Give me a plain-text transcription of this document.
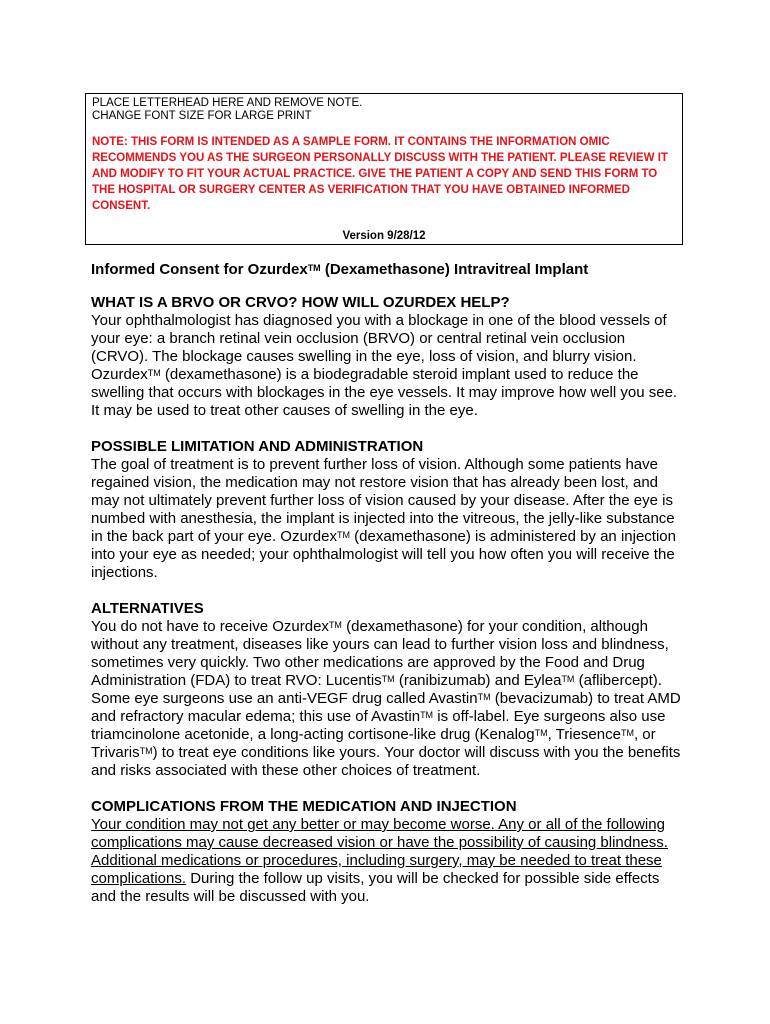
PLACE LETTERHEAD HERE AND REMOVE NOTE.
CHANGE FONT SIZE FOR LARGE PRINT
NOTE: THIS FORM IS INTENDED AS A SAMPLE FORM. IT CONTAINS THE INFORMATION OMIC RECOMMENDS YOU AS THE SURGEON PERSONALLY DISCUSS WITH THE PATIENT. PLEASE REVIEW IT AND MODIFY TO FIT YOUR ACTUAL PRACTICE. GIVE THE PATIENT A COPY AND SEND THIS FORM TO THE HOSPITAL OR SURGERY CENTER AS VERIFICATION THAT YOU HAVE OBTAINED INFORMED CONSENT.
Version 9/28/12

Informed Consent for Ozurdex™ (Dexamethasone) Intravitreal Implant

WHAT IS A BRVO OR CRVO? HOW WILL OZURDEX HELP?

Your ophthalmologist has diagnosed you with a blockage in one of the blood vessels of your eye: a branch retinal vein occlusion (BRVO) or central retinal vein occlusion (CRVO). The blockage causes swelling in the eye, loss of vision, and blurry vision. Ozurdex™ (dexamethasone) is a biodegradable steroid implant used to reduce the swelling that occurs with blockages in the eye vessels. It may improve how well you see. It may be used to treat other causes of swelling in the eye.

POSSIBLE LIMITATION AND ADMINISTRATION

The goal of treatment is to prevent further loss of vision. Although some patients have regained vision, the medication may not restore vision that has already been lost, and may not ultimately prevent further loss of vision caused by your disease. After the eye is numbed with anesthesia, the implant is injected into the vitreous, the jelly-like substance in the back part of your eye. Ozurdex™ (dexamethasone) is administered by an injection into your eye as needed; your ophthalmologist will tell you how often you will receive the injections.

ALTERNATIVES

You do not have to receive Ozurdex™ (dexamethasone) for your condition, although without any treatment, diseases like yours can lead to further vision loss and blindness, sometimes very quickly. Two other medications are approved by the Food and Drug Administration (FDA) to treat RVO: Lucentis™ (ranibizumab) and Eylea™ (aflibercept). Some eye surgeons use an anti-VEGF drug called Avastin™ (bevacizumab) to treat AMD and refractory macular edema; this use of Avastin™ is off-label. Eye surgeons also use triamcinolone acetonide, a long-acting cortisone-like drug (Kenalog™, Triesence™, or Trivaris™) to treat eye conditions like yours. Your doctor will discuss with you the benefits and risks associated with these other choices of treatment.

COMPLICATIONS FROM THE MEDICATION AND INJECTION

Your condition may not get any better or may become worse. Any or all of the following complications may cause decreased vision or have the possibility of causing blindness. Additional medications or procedures, including surgery, may be needed to treat these complications. During the follow up visits, you will be checked for possible side effects and the results will be discussed with you.
